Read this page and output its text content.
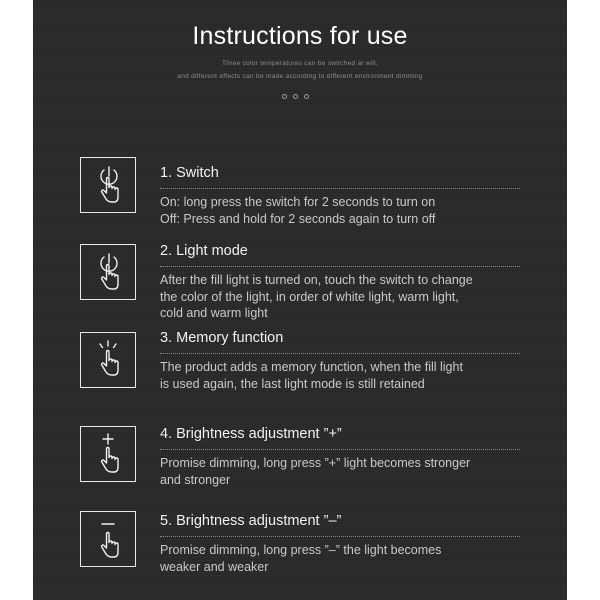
Instructions for use
Three color temperatures can be switched at will,
and different effects can be made according to different environment dimming
1. Switch
On: long press the switch for 2 seconds to turn on
Off: Press and hold for 2 seconds again to turn off
2. Light mode
After the fill light is turned on, touch the switch to change
the color of the light, in order of white light, warm light,
cold and warm light
3. Memory function
The product adds a memory function, when the fill light
is used again, the last light mode is still retained
4. Brightness adjustment ”+”
Promise dimming, long press ”+” light becomes stronger
and stronger
5. Brightness adjustment ”–”
Promise dimming, long press ”–” the light becomes
weaker and weaker
